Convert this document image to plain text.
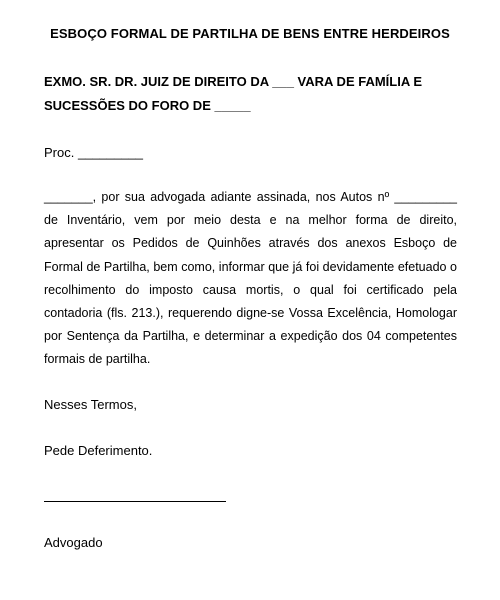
ESBOÇO FORMAL DE PARTILHA DE BENS ENTRE HERDEIROS
EXMO. SR. DR. JUIZ DE DIREITO DA ___ VARA DE FAMÍLIA E SUCESSÕES DO FORO DE _____
Proc. _________
_______, por sua advogada adiante assinada, nos Autos nº _________ de Inventário, vem por meio desta e na melhor forma de direito, apresentar os Pedidos de Quinhões através dos anexos Esboço de Formal de Partilha, bem como, informar que já foi devidamente efetuado o recolhimento do imposto causa mortis, o qual foi certificado pela contadoria (fls. 213.), requerendo digne-se Vossa Excelência, Homologar por Sentença da Partilha, e determinar a expedição dos 04 competentes formais de partilha.
Nesses Termos,
Pede Deferimento.
Advogado
